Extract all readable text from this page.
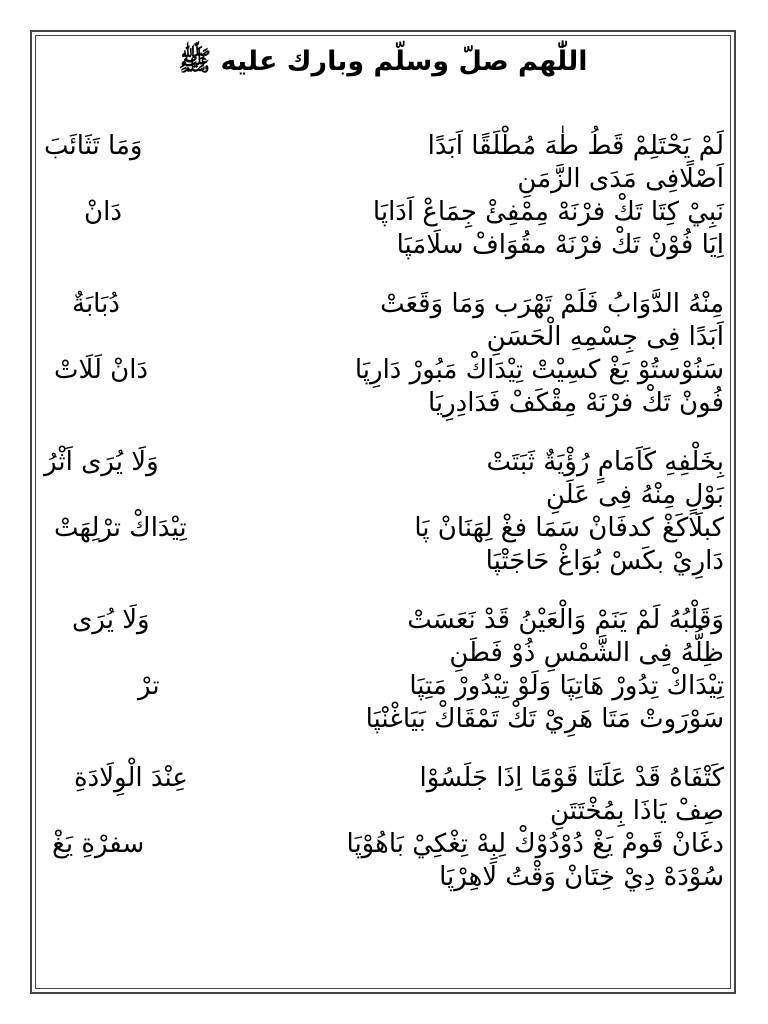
اللّٰهم صلّ وسلّم وبارك عليه ﷺ
لَمْ يَحْتَلِمْ قَطُ طٰهَ مُطْلَقًا اَبَدًا
وَمَا تَثَائَبَ
اَصْلًافِى مَدَى الزَّمَنِ
نَبِيْ كِتَا تَكْ فرْنَهْ مِمْفِئْ جِمَاعْ اَدَاپَا
دَانْ
اِيَا فُوْنْ تَكْ فرْنَهْ مقُوَافْ سلَامَپَا
مِنْهُ الدَّوَابُ فَلَمْ تَهْرَب وَمَا وَقَعَتْ
دُبَابَةٌ
اَبَدًا فِى جِسْمِهِ الْحَسَنِ
سَنُوْستُوْ يَغْ كسِيْتْ تِيْدَاكْ مَبُورْ دَارِپَا
دَانْ لَلَاتْ
فُونْ تَكْ فرْنَهْ مِقْكَفْ فَدَادِرِيَا
بِخَلْفِهِ كَاَمَامٍ رُؤْيَةٌ ثَبَتَتْ
وَلَا يُرَى اَثْرُ
بَوْلٍ مِنْهُ فِى عَلَنِ
كبلَاكَغْ كدفَانْ سَمَا فغْ لِهَنَانْ پَا
تِيْدَاكْ ترْلِهَتْ
دَارِيْ بكَسْ بُوَاغْ حَاجَتْپَا
وَقَلْبُهُ لَمْ يَنَمْ وَالْعَيْنُ قَدْ نَعَسَتْ
وَلَا يُرَى
ظِلُّهُ فِى الشَّمْسِ ذُوْ فَطَنِ
تِيْدَاكْ تِدُورْ هَاتِپَا وَلَوْ تِيْدُورْ مَتِپَا
ترْ
سَوْرَوتْ مَتَا هَرِيْ تَكْ تَمْقَاكْ بَيَاغْنْپَا
كَتْفَاهُ قَدْ عَلَتَا قَوْمًا اِذَا جَلَسُوْا
عِنْدَ الْوِلَادَةِ
صِفْ يَاذَا بِمُخْتَتَنِ
دغَانْ قَومْ يَغْ دُوْدُوْكْ لِبِهْ تِغْكِيْ بَاهُوْپَا
سفرْةِ يَغْ
سُوْدَهْ دِيْ خِتَانْ وَقْتُ لَاهِرْپَا
